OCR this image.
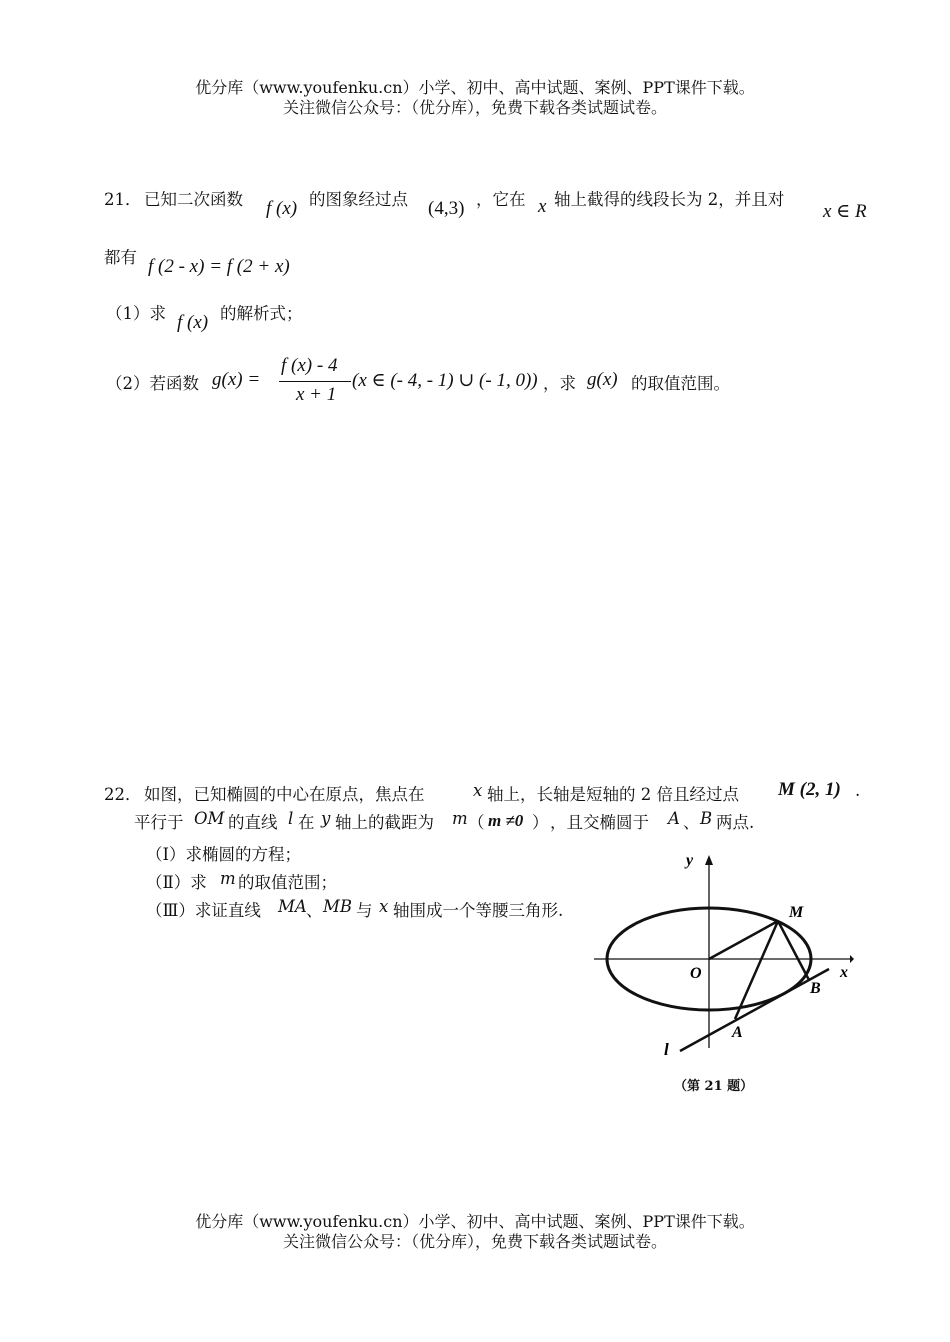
优分库（www.youfenku.cn）小学、初中、高中试题、案例、PPT课件下载。
关注微信公众号：（优分库），免费下载各类试题试卷。
21． 已知二次函数 f (x) 的图象经过点 (4,3) ，它在 x 轴上截得的线段长为 2，并且对
x ∈ R
都有 f (2 - x) = f (2 + x)
（1）求 f (x) 的解析式；
（2）若函数 g(x) =
f (x) - 4
x + 1
(x ∈ (- 4, - 1) ∪ (- 1, 0)) ，求 g(x) 的取值范围。
22． 如图，已知椭圆的中心在原点，焦点在	x 轴上，长轴是短轴的 2 倍且经过点 M (2, 1) .
平行于 OM 的直线 l 在 y 轴上的截距为 m （ m ≠0 ） ，且交椭圆于 A 、 B 两点.
（Ⅰ）求椭圆的方程；
（Ⅱ）求 m 的取值范围；
（Ⅲ）求证直线 MA 、 MB 与 x 轴围成一个等腰三角形.
y
x
O
M
A
B
l
（第 21 题）
优分库（www.youfenku.cn）小学、初中、高中试题、案例、PPT课件下载。
关注微信公众号：（优分库），免费下载各类试题试卷。
